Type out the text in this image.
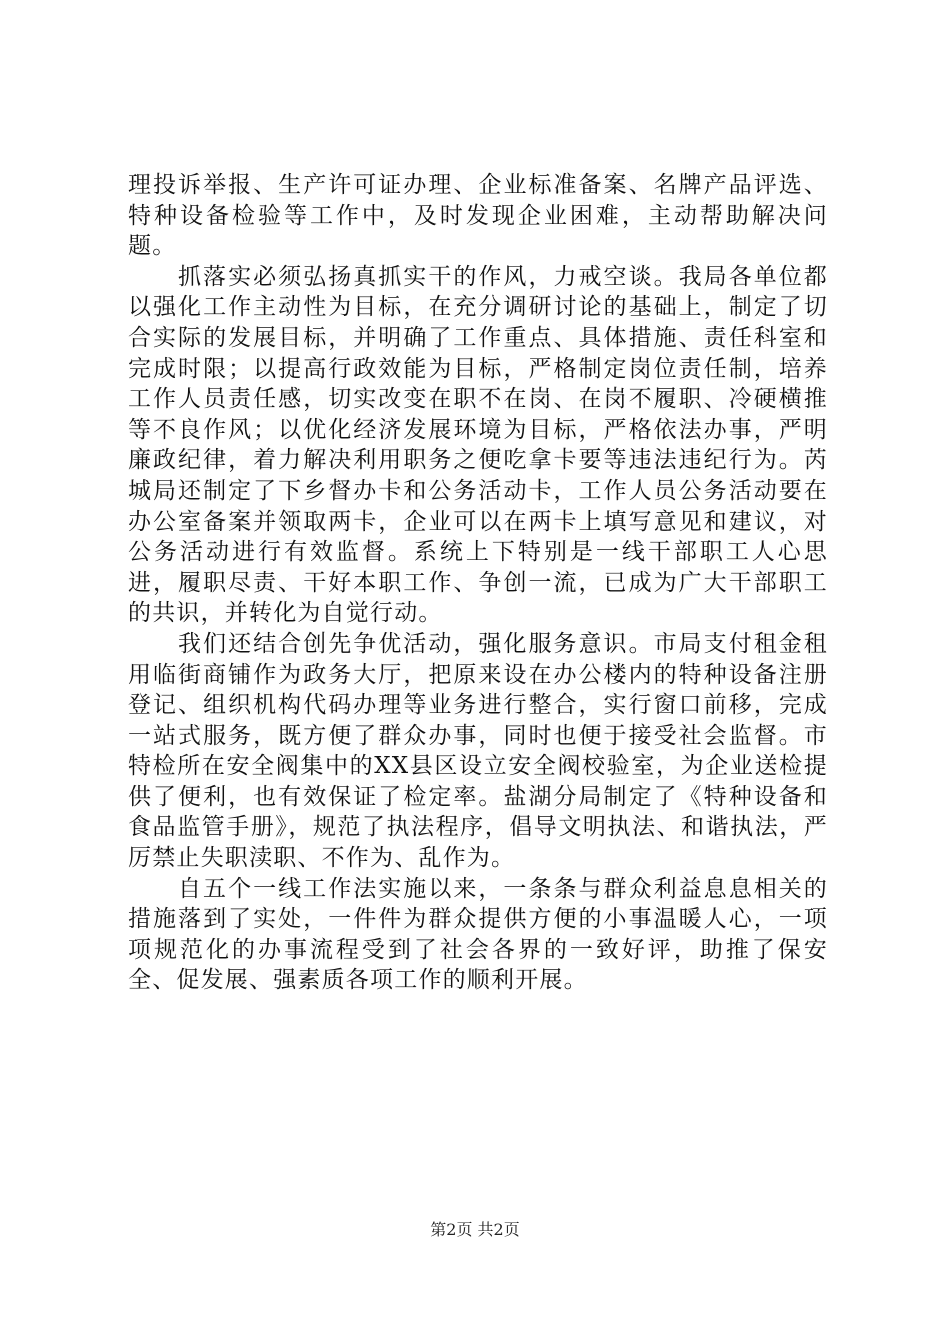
理投诉举报、生产许可证办理、企业标准备案、名牌产品评选、特种设备检验等工作中，及时发现企业困难，主动帮助解决问题。

抓落实必须弘扬真抓实干的作风，力戒空谈。我局各单位都以强化工作主动性为目标，在充分调研讨论的基础上，制定了切合实际的发展目标，并明确了工作重点、具体措施、责任科室和完成时限；以提高行政效能为目标，严格制定岗位责任制，培养工作人员责任感，切实改变在职不在岗、在岗不履职、冷硬横推等不良作风；以优化经济发展环境为目标，严格依法办事，严明廉政纪律，着力解决利用职务之便吃拿卡要等违法违纪行为。芮城局还制定了下乡督办卡和公务活动卡，工作人员公务活动要在办公室备案并领取两卡，企业可以在两卡上填写意见和建议，对公务活动进行有效监督。系统上下特别是一线干部职工人心思进，履职尽责、干好本职工作、争创一流，已成为广大干部职工的共识，并转化为自觉行动。

我们还结合创先争优活动，强化服务意识。市局支付租金租用临街商铺作为政务大厅，把原来设在办公楼内的特种设备注册登记、组织机构代码办理等业务进行整合，实行窗口前移，完成一站式服务，既方便了群众办事，同时也便于接受社会监督。市特检所在安全阀集中的XX县区设立安全阀校验室，为企业送检提供了便利，也有效保证了检定率。盐湖分局制定了《特种设备和食品监管手册》，规范了执法程序，倡导文明执法、和谐执法，严厉禁止失职渎职、不作为、乱作为。

自五个一线工作法实施以来，一条条与群众利益息息相关的措施落到了实处，一件件为群众提供方便的小事温暖人心，一项项规范化的办事流程受到了社会各界的一致好评，助推了保安全、促发展、强素质各项工作的顺利开展。

第2页 共2页
